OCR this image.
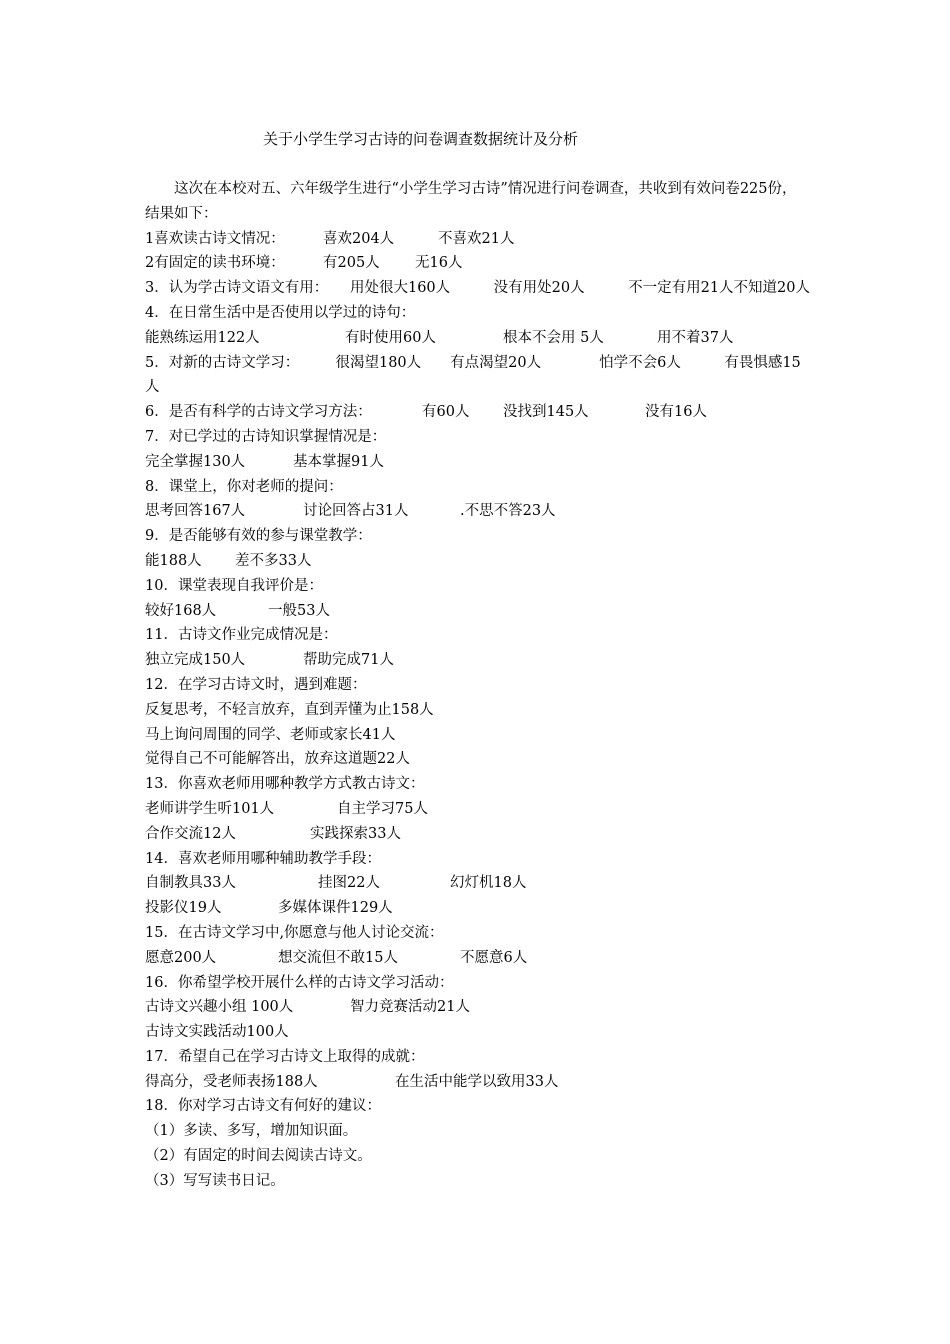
关于小学生学习古诗的问卷调查数据统计及分析
这次在本校对五、六年级学生进行“小学生学习古诗”情况进行问卷调查，共收到有效问卷225份，结果如下：
1喜欢读古诗文情况：	喜欢204人	不喜欢21人
2有固定的读书环境：	有205人 无16人
3．认为学古诗文语文有用：　　用处很大160人　　　没有用处20人　　　不一定有用21人不知道20人
4．在日常生活中是否使用以学过的诗句：
能熟练运用122人	有时使用60人	根本不会用 5人	用不着37人
5．对新的古诗文学习：　　　很渴望180人　　有点渴望20人　　　　怕学不会6人　　　有畏惧感15人
6．是否有科学的古诗文学习方法：	有60人 没找到145人	没有16人
7．对已学过的古诗知识掌握情况是：
完全掌握130人	基本掌握91人
8．课堂上，你对老师的提问：
思考回答167人	讨论回答占31人	.不思不答23人
9．是否能够有效的参与课堂教学：
能188人 差不多33人
10．课堂表现自我评价是：
较好168人	一般53人
11．古诗文作业完成情况是：
独立完成150人	帮助完成71人
12．在学习古诗文时，遇到难题：
反复思考，不轻言放弃，直到弄懂为止158人
马上询问周围的同学、老师或家长41人
觉得自己不可能解答出，放弃这道题22人
13．你喜欢老师用哪种教学方式教古诗文：
老师讲学生听101人	自主学习75人
合作交流12人	实践探索33人
14．喜欢老师用哪种辅助教学手段：
自制教具33人	挂图22人	幻灯机18人
投影仪19人	多媒体课件129人
15．在古诗文学习中,你愿意与他人讨论交流：
愿意200人	想交流但不敢15人	不愿意6人
16．你希望学校开展什么样的古诗文学习活动：
古诗文兴趣小组 100人	智力竞赛活动21人
古诗文实践活动100人
17．希望自己在学习古诗文上取得的成就：
得高分，受老师表扬188人	在生活中能学以致用33人
18．你对学习古诗文有何好的建议：
（1）多读、多写，增加知识面。
（2）有固定的时间去阅读古诗文。
（3）写写读书日记。
